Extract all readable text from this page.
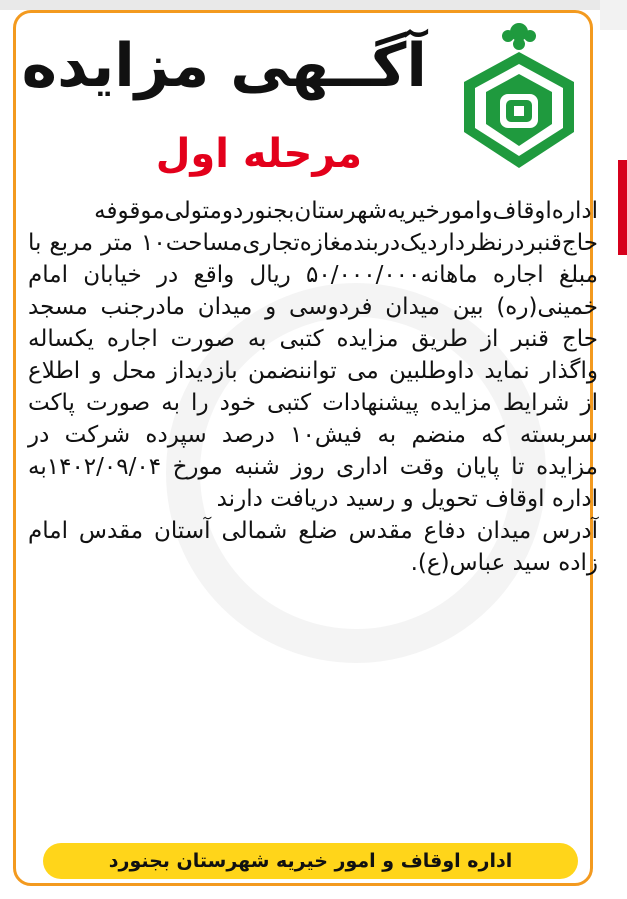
آگــهی مزایده
مرحله اول

اداره‌اوقاف‌وامورخیریه‌شهرستان‌بجنوردومتولی‌موقوفه حاج‌قنبردرنظردار‌دیک‌دربندمغازه‌تجاری‌مساحت۱۰ متر مربع با مبلغ اجاره ماهانه۵۰/۰۰۰/۰۰۰ ریال واقع در خیابان امام خمینی(ره) بین میدان فردوسی و میدان مادرجنب مسجد حاج قنبر از طریق مزایده کتبی به صورت اجاره یکساله واگذار نماید داوطلبین می تواننضمن بازدیداز محل و اطلاع از شرایط مزایده پیشنهادات کتبی خود را به صورت پاکت سربسته که منضم به فیش۱۰ درصد سپرده شرکت در مزایده تا پایان وقت اداری روز شنبه مورخ ۱۴۰۲/۰۹/۰۴به اداره اوقاف تحویل و رسید دریافت دارند

آدرس میدان دفاع مقدس ضلع شمالی آستان مقدس امام زاده سید عباس(ع).

اداره اوقاف و امور خیریه شهرستان بجنورد
